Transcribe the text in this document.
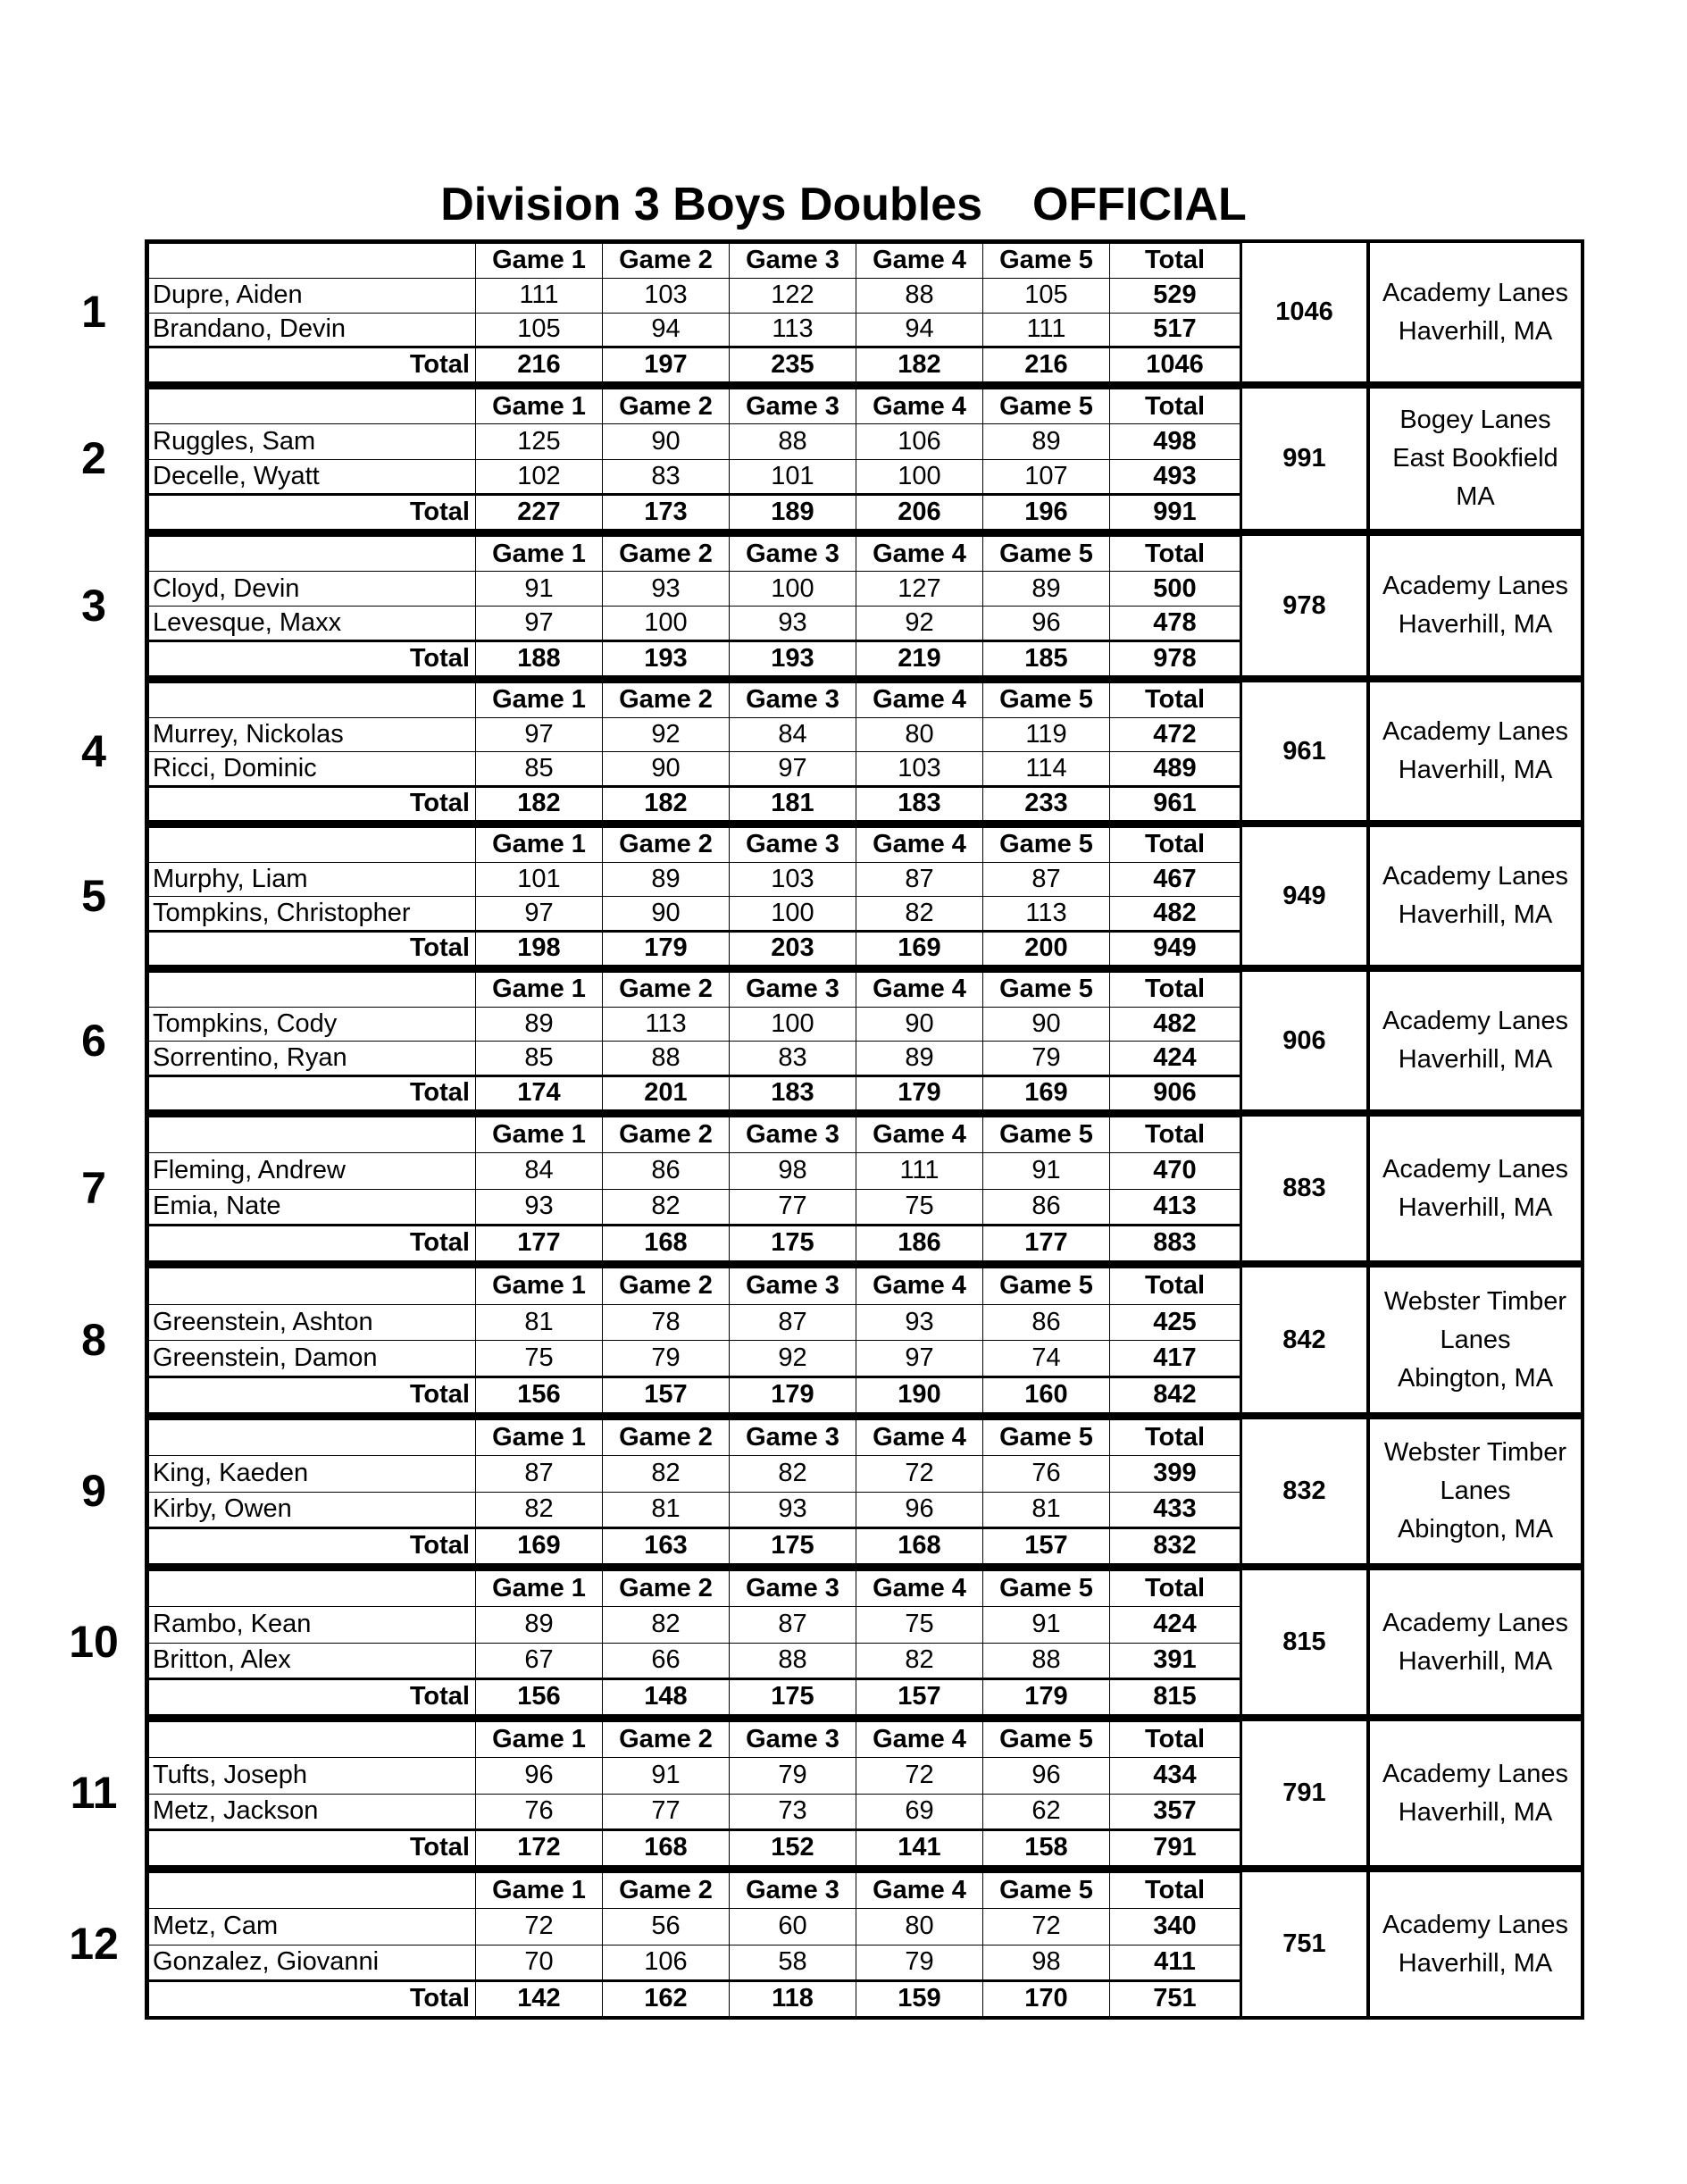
Division 3 Boys Doubles OFFICIAL
1
	Game 1	Game 2	Game 3	Game 4	Game 5	Total
Dupre, Aiden	111	103	122	88	105	529
Brandano, Devin	105	94	113	94	111	517
Total	216	197	235	182	216	1046
1046
Academy Lanes
Haverhill, MA
2
	Game 1	Game 2	Game 3	Game 4	Game 5	Total
Ruggles, Sam	125	90	88	106	89	498
Decelle, Wyatt	102	83	101	100	107	493
Total	227	173	189	206	196	991
991
Bogey Lanes
East Bookfield
MA
3
	Game 1	Game 2	Game 3	Game 4	Game 5	Total
Cloyd, Devin	91	93	100	127	89	500
Levesque, Maxx	97	100	93	92	96	478
Total	188	193	193	219	185	978
978
Academy Lanes
Haverhill, MA
4
	Game 1	Game 2	Game 3	Game 4	Game 5	Total
Murrey, Nickolas	97	92	84	80	119	472
Ricci, Dominic	85	90	97	103	114	489
Total	182	182	181	183	233	961
961
Academy Lanes
Haverhill, MA
5
	Game 1	Game 2	Game 3	Game 4	Game 5	Total
Murphy, Liam	101	89	103	87	87	467
Tompkins, Christopher	97	90	100	82	113	482
Total	198	179	203	169	200	949
949
Academy Lanes
Haverhill, MA
6
	Game 1	Game 2	Game 3	Game 4	Game 5	Total
Tompkins, Cody	89	113	100	90	90	482
Sorrentino, Ryan	85	88	83	89	79	424
Total	174	201	183	179	169	906
906
Academy Lanes
Haverhill, MA
7
	Game 1	Game 2	Game 3	Game 4	Game 5	Total
Fleming, Andrew	84	86	98	111	91	470
Emia, Nate	93	82	77	75	86	413
Total	177	168	175	186	177	883
883
Academy Lanes
Haverhill, MA
8
	Game 1	Game 2	Game 3	Game 4	Game 5	Total
Greenstein, Ashton	81	78	87	93	86	425
Greenstein, Damon	75	79	92	97	74	417
Total	156	157	179	190	160	842
842
Webster Timber
Lanes
Abington, MA
9
	Game 1	Game 2	Game 3	Game 4	Game 5	Total
King, Kaeden	87	82	82	72	76	399
Kirby, Owen	82	81	93	96	81	433
Total	169	163	175	168	157	832
832
Webster Timber
Lanes
Abington, MA
10
	Game 1	Game 2	Game 3	Game 4	Game 5	Total
Rambo, Kean	89	82	87	75	91	424
Britton, Alex	67	66	88	82	88	391
Total	156	148	175	157	179	815
815
Academy Lanes
Haverhill, MA
11
	Game 1	Game 2	Game 3	Game 4	Game 5	Total
Tufts, Joseph	96	91	79	72	96	434
Metz, Jackson	76	77	73	69	62	357
Total	172	168	152	141	158	791
791
Academy Lanes
Haverhill, MA
12
	Game 1	Game 2	Game 3	Game 4	Game 5	Total
Metz, Cam	72	56	60	80	72	340
Gonzalez, Giovanni	70	106	58	79	98	411
Total	142	162	118	159	170	751
751
Academy Lanes
Haverhill, MA
